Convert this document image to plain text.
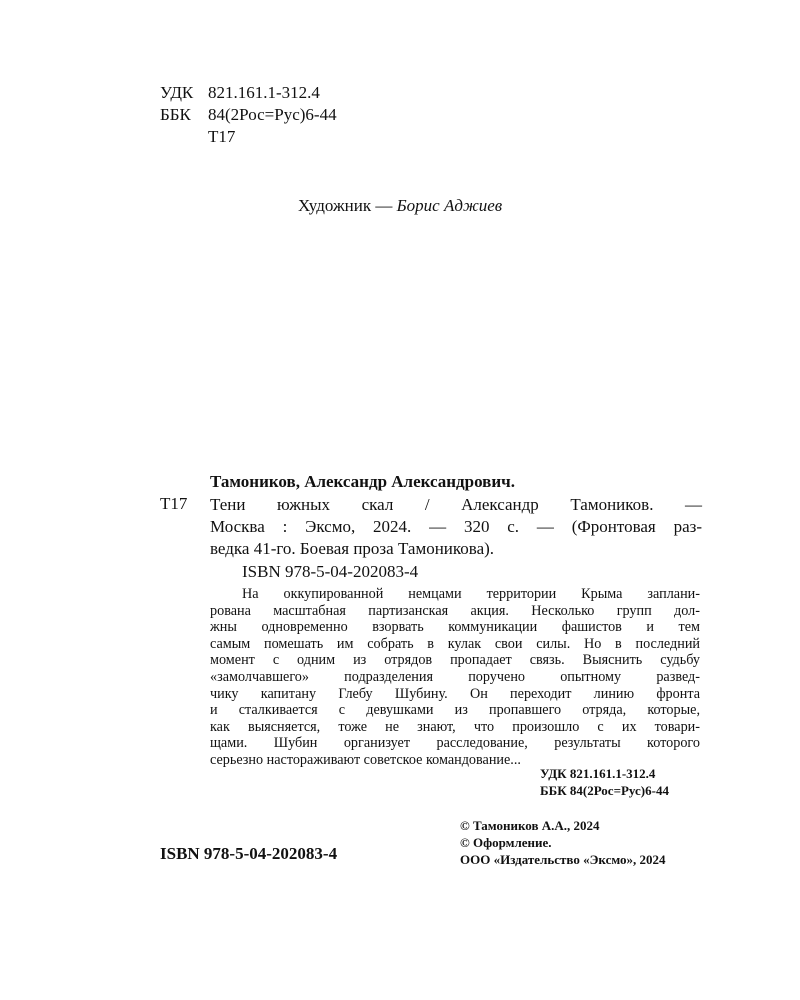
УДК 821.161.1-312.4
ББК	84(2Рос=Рус)6-44
Т17
Художник — Борис Аджиев
Тамоников, Александр Александрович.
Т17 Тени южных скал / Александр Тамоников. —
Москва : Эксмо, 2024. — 320 с. — (Фронтовая раз-
ведка 41-го. Боевая проза Тамоникова).
ISBN 978-5-04-202083-4
На оккупированной немцами территории Крыма заплани-
рована масштабная партизанская акция. Несколько групп дол-
жны одновременно взорвать коммуникации фашистов и тем
самым помешать им собрать в кулак свои силы. Но в последний
момент с одним из отрядов пропадает связь. Выяснить судьбу
«замолчавшего» подразделения поручено опытному развед-
чику капитану Глебу Шубину. Он переходит линию фронта
и сталкивается с девушками из пропавшего отряда, которые,
как выясняется, тоже не знают, что произошло с их товари-
щами. Шубин организует расследование, результаты которого
серьезно настораживают советское командование...
УДК 821.161.1-312.4
ББК 84(2Рос=Рус)6-44
© Тамоников А.А., 2024
© Оформление.
ООО «Издательство «Эксмо», 2024
ISBN 978-5-04-202083-4
